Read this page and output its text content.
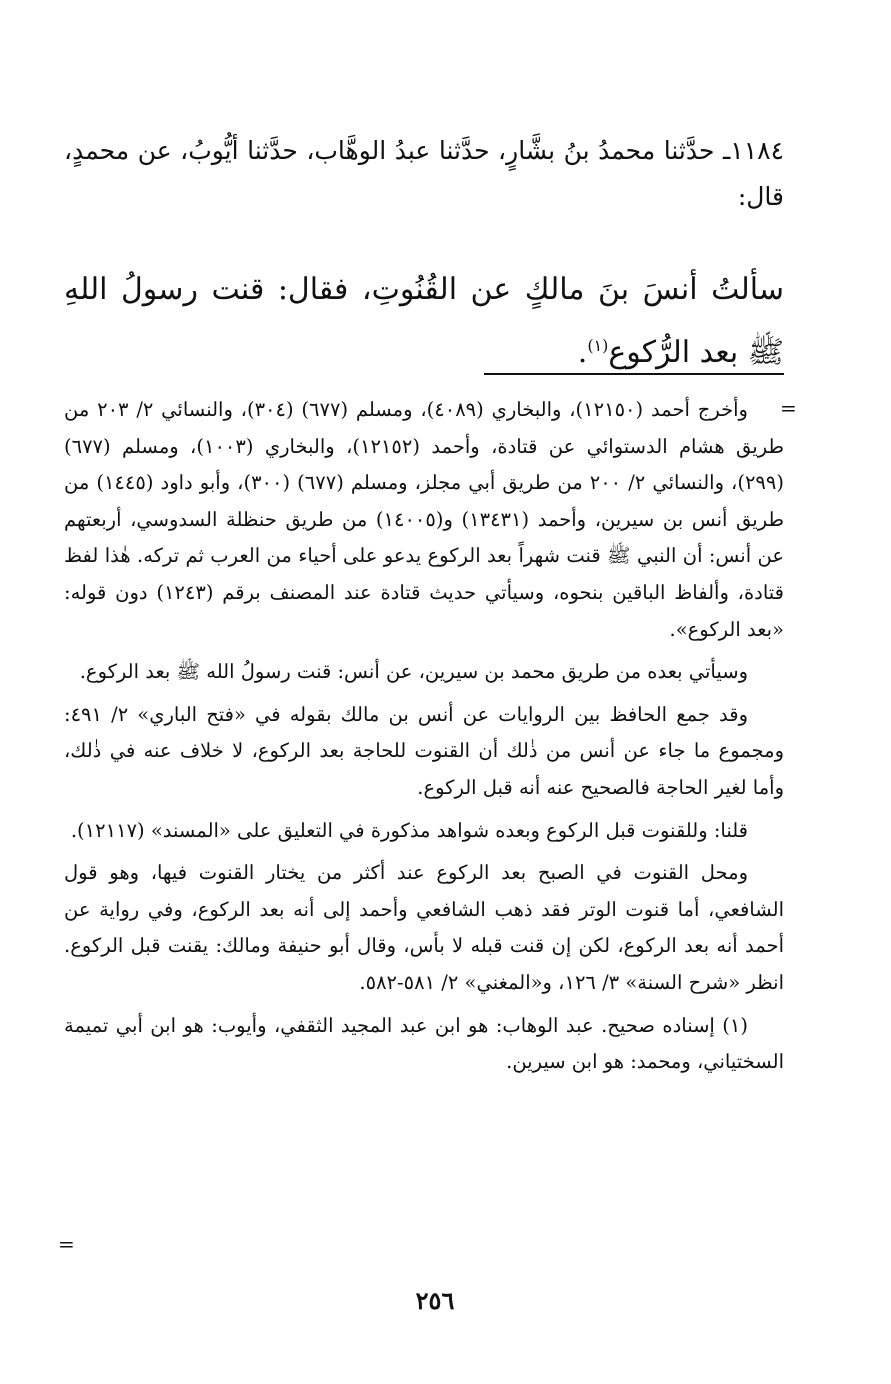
١١٨٤ـ حدَّثنا محمدُ بنُ بشَّارٍ، حدَّثنا عبدُ الوهَّاب، حدَّثنا أيُّوبُ، عن محمدٍ، قال:
سألتُ أنسَ بنَ مالكٍ عن القُنُوتِ، فقال: قنت رسولُ اللهِ ﷺ بعد الرُّكوع$^{(١)}$.
=

وأخرج أحمد (١٢١٥٠)، والبخاري (٤٠٨٩)، ومسلم (٦٧٧) (٣٠٤)، والنسائي ٢/ ٢٠٣ من طريق هشام الدستوائي عن قتادة، وأحمد (١٢١٥٢)، والبخاري (١٠٠٣)، ومسلم (٦٧٧) (٢٩٩)، والنسائي ٢/ ٢٠٠ من طريق أبي مجلز، ومسلم (٦٧٧) (٣٠٠)، وأبو داود (١٤٤٥) من طريق أنس بن سيرين، وأحمد (١٣٤٣١) و(١٤٠٠٥) من طريق حنظلة السدوسي، أربعتهم عن أنس: أن النبي ﷺ قنت شهراً بعد الركوع يدعو على أحياء من العرب ثم تركه. هٰذا لفظ قتادة، وألفاظ الباقين بنحوه، وسيأتي حديث قتادة عند المصنف برقم (١٢٤٣) دون قوله: «بعد الركوع».

وسيأتي بعده من طريق محمد بن سيرين، عن أنس: قنت رسولُ الله ﷺ بعد الركوع.

وقد جمع الحافظ بين الروايات عن أنس بن مالك بقوله في «فتح الباري» ٢/ ٤٩١: ومجموع ما جاء عن أنس من ذٰلك أن القنوت للحاجة بعد الركوع، لا خلاف عنه في ذٰلك، وأما لغير الحاجة فالصحيح عنه أنه قبل الركوع.

قلنا: وللقنوت قبل الركوع وبعده شواهد مذكورة في التعليق على «المسند» (١٢١١٧).

ومحل القنوت في الصبح بعد الركوع عند أكثر من يختار القنوت فيها، وهو قول الشافعي، أما قنوت الوتر فقد ذهب الشافعي وأحمد إلى أنه بعد الركوع، وفي رواية عن أحمد أنه بعد الركوع، لكن إن قنت قبله لا بأس، وقال أبو حنيفة ومالك: يقنت قبل الركوع. انظر «شرح السنة» ٣/ ١٢٦، و«المغني» ٢/ ٥٨١-٥٨٢.

(١) إسناده صحيح. عبد الوهاب: هو ابن عبد المجيد الثقفي، وأيوب: هو ابن أبي تميمة السختياني، ومحمد: هو ابن سيرين.

=
٢٥٦
